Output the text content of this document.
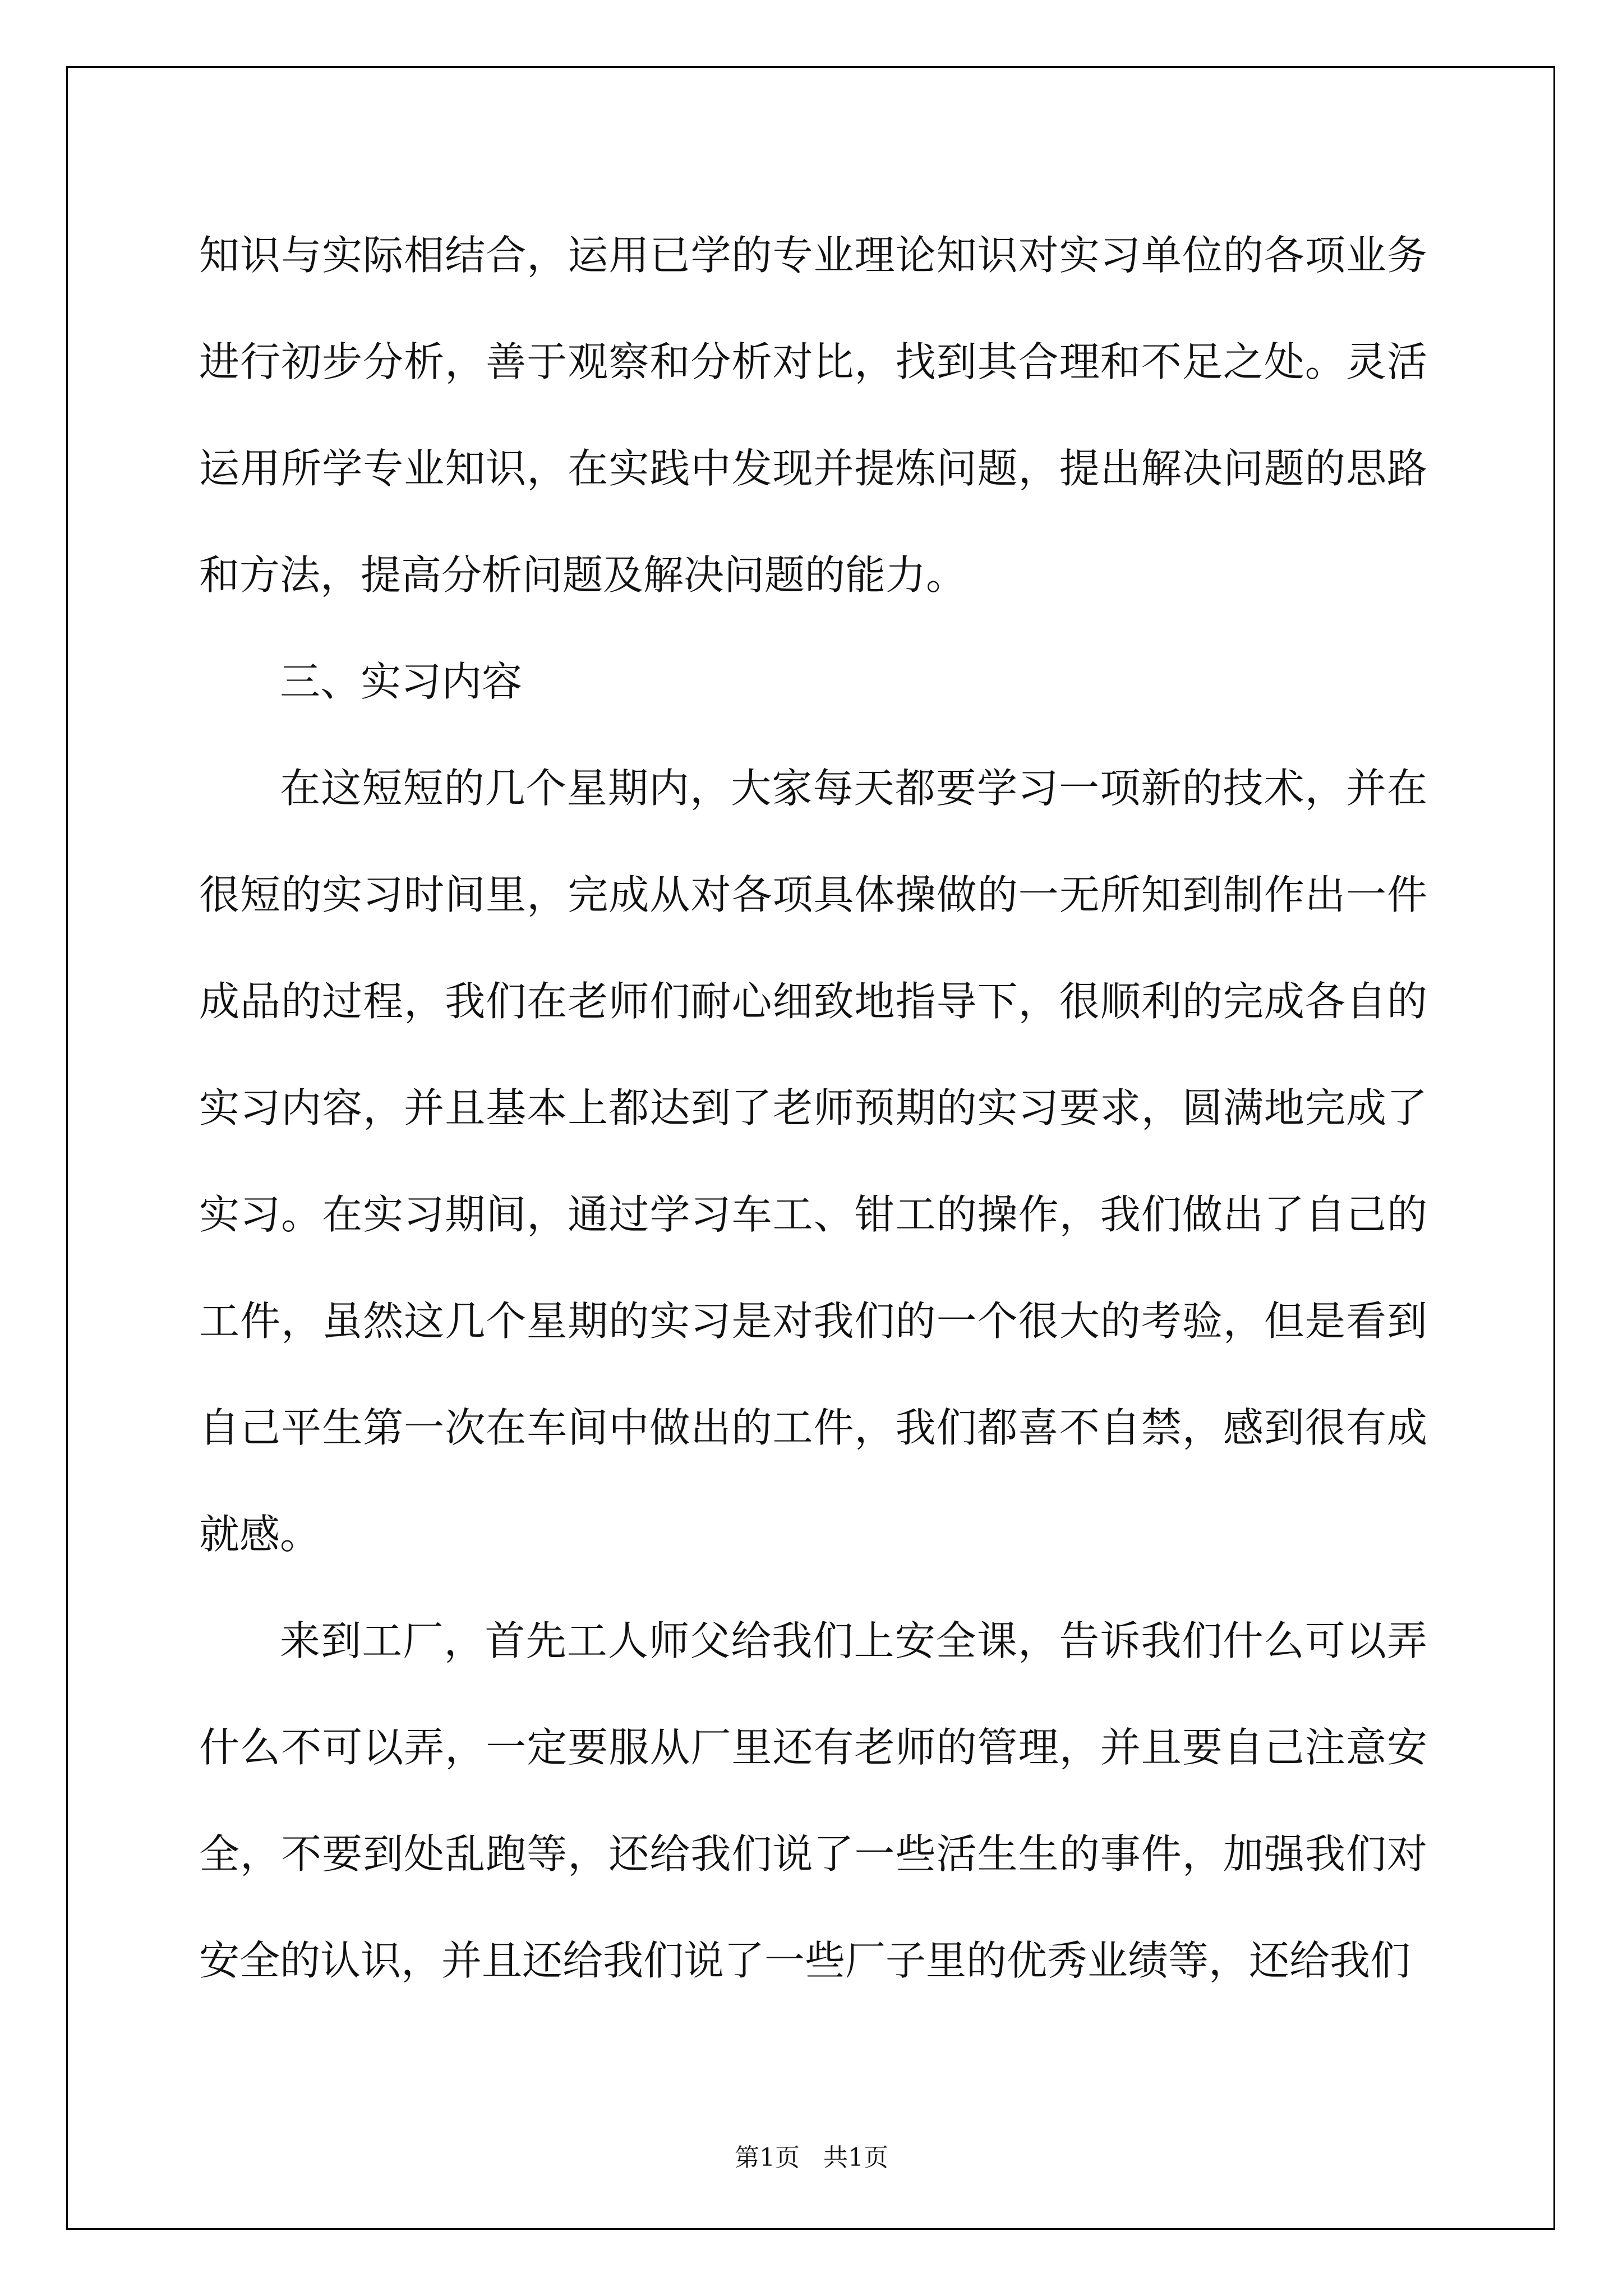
知识与实际相结合，运用已学的专业理论知识对实习单位的各项业务进行初步分析，善于观察和分析对比，找到其合理和不足之处。灵活运用所学专业知识，在实践中发现并提炼问题，提出解决问题的思路和方法，提高分析问题及解决问题的能力。

三、实习内容

在这短短的几个星期内，大家每天都要学习一项新的技术，并在很短的实习时间里，完成从对各项具体操做的一无所知到制作出一件成品的过程，我们在老师们耐心细致地指导下，很顺利的完成各自的实习内容，并且基本上都达到了老师预期的实习要求，圆满地完成了实习。在实习期间，通过学习车工、钳工的操作，我们做出了自己的工件，虽然这几个星期的实习是对我们的一个很大的考验，但是看到自己平生第一次在车间中做出的工件，我们都喜不自禁，感到很有成就感。

来到工厂，首先工人师父给我们上安全课，告诉我们什么可以弄什么不可以弄，一定要服从厂里还有老师的管理，并且要自己注意安全，不要到处乱跑等，还给我们说了一些活生生的事件，加强我们对安全的认识，并且还给我们说了一些厂子里的优秀业绩等，还给我们

第1页   共1页
